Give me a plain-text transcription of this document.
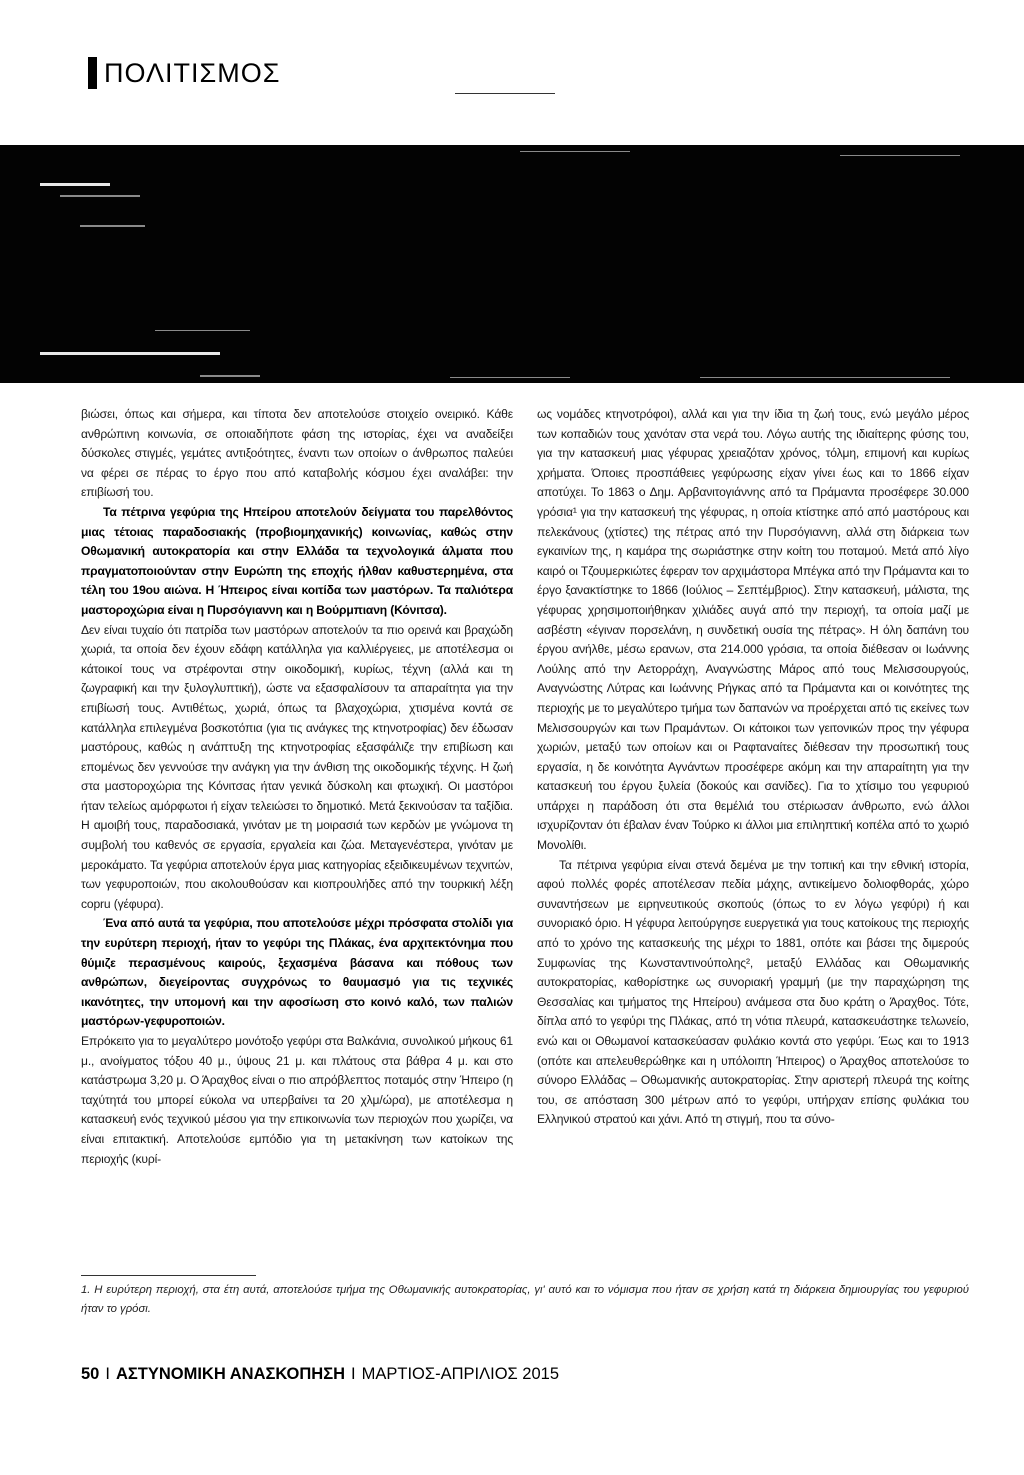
ΠΟΛΙΤΙΣΜΟΣ

βιώσει, όπως και σήμερα, και τίποτα δεν αποτελούσε στοιχείο ονειρικό. Κάθε ανθρώπινη κοινωνία, σε οποιαδήποτε φάση της ιστορίας, έχει να αναδείξει δύσκολες στιγμές, γεμάτες αντιξοότητες, έναντι των οποίων ο άνθρωπος παλεύει να φέρει σε πέρας το έργο που από καταβολής κόσμου έχει αναλάβει: την επιβίωσή του.

Τα πέτρινα γεφύρια της Ηπείρου αποτελούν δείγματα του παρελθόντος μιας τέτοιας παραδοσιακής (προβιομηχανικής) κοινωνίας, καθώς στην Οθωμανική αυτοκρατορία και στην Ελλάδα τα τεχνολογικά άλματα που πραγματοποιούνταν στην Ευρώπη της εποχής ήλθαν καθυστερημένα, στα τέλη του 19ου αιώνα. Η Ήπειρος είναι κοιτίδα των μαστόρων. Τα παλιότερα μαστοροχώρια είναι η Πυρσόγιαννη και η Βούρμπιανη (Κόνιτσα).

Δεν είναι τυχαίο ότι πατρίδα των μαστόρων αποτελούν τα πιο ορεινά και βραχώδη χωριά, τα οποία δεν έχουν εδάφη κατάλληλα για καλλιέργειες, με αποτέλεσμα οι κάτοικοί τους να στρέφονται στην οικοδομική, κυρίως, τέχνη (αλλά και τη ζωγραφική και την ξυλογλυπτική), ώστε να εξασφαλίσουν τα απαραίτητα για την επιβίωσή τους. Αντιθέτως, χωριά, όπως τα βλαχοχώρια, χτισμένα κοντά σε κατάλληλα επιλεγμένα βοσκοτόπια (για τις ανάγκες της κτηνοτροφίας) δεν έδωσαν μαστόρους, καθώς η ανάπτυξη της κτηνοτροφίας εξασφάλιζε την επιβίωση και επομένως δεν γεννούσε την ανάγκη για την άνθιση της οικοδομικής τέχνης. Η ζωή στα μαστοροχώρια της Κόνιτσας ήταν γενικά δύσκολη και φτωχική. Οι μαστόροι ήταν τελείως αμόρφωτοι ή είχαν τελειώσει το δημοτικό. Μετά ξεκινούσαν τα ταξίδια. Η αμοιβή τους, παραδοσιακά, γινόταν με τη μοιρασιά των κερδών με γνώμονα τη συμβολή του καθενός σε εργασία, εργαλεία και ζώα. Μεταγενέστερα, γινόταν με μεροκάματο. Τα γεφύρια αποτελούν έργα μιας κατηγορίας εξειδικευμένων τεχνιτών, των γεφυροποιών, που ακολουθούσαν και κιοπρουλήδες από την τουρκική λέξη copru (γέφυρα).

Ένα από αυτά τα γεφύρια, που αποτελούσε μέχρι πρόσφατα στολίδι για την ευρύτερη περιοχή, ήταν το γεφύρι της Πλάκας, ένα αρχιτεκτόνημα που θύμιζε περασμένους καιρούς, ξεχασμένα βάσανα και πόθους των ανθρώπων, διεγείροντας συγχρόνως το θαυμασμό για τις τεχνικές ικανότητες, την υπομονή και την αφοσίωση στο κοινό καλό, των παλιών μαστόρων-γεφυροποιών.

Επρόκειτο για το μεγαλύτερο μονότοξο γεφύρι στα Βαλκάνια, συνολικού μήκους 61 μ., ανοίγματος τόξου 40 μ., ύψους 21 μ. και πλάτους στα βάθρα 4 μ. και στο κατάστρωμα 3,20 μ. Ο Άραχθος είναι ο πιο απρόβλεπτος ποταμός στην Ήπειρο (η ταχύτητά του μπορεί εύκολα να υπερβαίνει τα 20 χλμ/ώρα), με αποτέλεσμα η κατασκευή ενός τεχνικού μέσου για την επικοινωνία των περιοχών που χωρίζει, να είναι επιτακτική. Αποτελούσε εμπόδιο για τη μετακίνηση των κατοίκων της περιοχής (κυρί-

ως νομάδες κτηνοτρόφοι), αλλά και για την ίδια τη ζωή τους, ενώ μεγάλο μέρος των κοπαδιών τους χανόταν στα νερά του. Λόγω αυτής της ιδιαίτερης φύσης του, για την κατασκευή μιας γέφυρας χρειαζόταν χρόνος, τόλμη, επιμονή και κυρίως χρήματα. Όποιες προσπάθειες γεφύρωσης είχαν γίνει έως και το 1866 είχαν αποτύχει. Το 1863 ο Δημ. Αρβανιτογιάννης από τα Πράμαντα προσέφερε 30.000 γρόσια¹ για την κατασκευή της γέφυρας, η οποία κτίστηκε από από μαστόρους και πελεκάνους (χτίστες) της πέτρας από την Πυρσόγιαννη, αλλά στη διάρκεια των εγκαινίων της, η καμάρα της σωριάστηκε στην κοίτη του ποταμού. Μετά από λίγο καιρό οι Τζουμερκιώτες έφεραν τον αρχιμάστορα Μπέγκα από την Πράμαντα και το έργο ξανακτίστηκε το 1866 (Ιούλιος – Σεπτέμβριος). Στην κατασκευή, μάλιστα, της γέφυρας χρησιμοποιήθηκαν χιλιάδες αυγά από την περιοχή, τα οποία μαζί με ασβέστη «έγιναν πορσελάνη, η συνδετική ουσία της πέτρας». Η όλη δαπάνη του έργου ανήλθε, μέσω ερανων, στα 214.000 γρόσια, τα οποία διέθεσαν οι Ιωάννης Λούλης από την Αετορράχη, Αναγνώστης Μάρος από τους Μελισσουργούς, Αναγνώστης Λύτρας και Ιωάννης Ρήγκας από τα Πράμαντα και οι κοινότητες της περιοχής με το μεγαλύτερο τμήμα των δαπανών να προέρχεται από τις εκείνες των Μελισσουργών και των Πραμάντων. Οι κάτοικοι των γειτονικών προς την γέφυρα χωριών, μεταξύ των οποίων και οι Ραφταναίτες διέθεσαν την προσωπική τους εργασία, η δε κοινότητα Αγνάντων προσέφερε ακόμη και την απαραίτητη για την κατασκευή του έργου ξυλεία (δοκούς και σανίδες). Για το χτίσιμο του γεφυριού υπάρχει η παράδοση ότι στα θεμέλιά του στέριωσαν άνθρωπο, ενώ άλλοι ισχυρίζονταν ότι έβαλαν έναν Τούρκο κι άλλοι μια επιληπτική κοπέλα από το χωριό Μονολίθι.

Τα πέτρινα γεφύρια είναι στενά δεμένα με την τοπική και την εθνική ιστορία, αφού πολλές φορές αποτέλεσαν πεδία μάχης, αντικείμενο δολιοφθοράς, χώρο συναντήσεων με ειρηνευτικούς σκοπούς (όπως το εν λόγω γεφύρι) ή και συνοριακό όριο. Η γέφυρα λειτούργησε ευεργετικά για τους κατοίκους της περιοχής από το χρόνο της κατασκευής της μέχρι το 1881, οπότε και βάσει της διμερούς Συμφωνίας της Κωνσταντινούπολης², μεταξύ Ελλάδας και Οθωμανικής αυτοκρατορίας, καθορίστηκε ως συνοριακή γραμμή (με την παραχώρηση της Θεσσαλίας και τμήματος της Ηπείρου) ανάμεσα στα δυο κράτη ο Άραχθος. Τότε, δίπλα από το γεφύρι της Πλάκας, από τη νότια πλευρά, κατασκευάστηκε τελωνείο, ενώ και οι Οθωμανοί κατασκεύασαν φυλάκιο κοντά στο γεφύρι. Έως και το 1913 (οπότε και απελευθερώθηκε και η υπόλοιπη Ήπειρος) ο Άραχθος αποτελούσε το σύνορο Ελλάδας – Οθωμανικής αυτοκρατορίας. Στην αριστερή πλευρά της κοίτης του, σε απόσταση 300 μέτρων από το γεφύρι, υπήρχαν επίσης φυλάκια του Ελληνικού στρατού και χάνι. Από τη στιγμή, που τα σύνο-

1. Η ευρύτερη περιοχή, στα έτη αυτά, αποτελούσε τμήμα της Οθωμανικής αυτοκρατορίας, γι' αυτό και το νόμισμα που ήταν σε χρήση κατά τη διάρκεια δημιουργίας του γεφυριού ήταν το γρόσι.
50 Ι ΑΣΤΥΝΟΜΙΚΗ ΑΝΑΣΚΟΠΗΣΗ Ι ΜΑΡΤΙΟΣ-ΑΠΡΙΛΙΟΣ 2015
